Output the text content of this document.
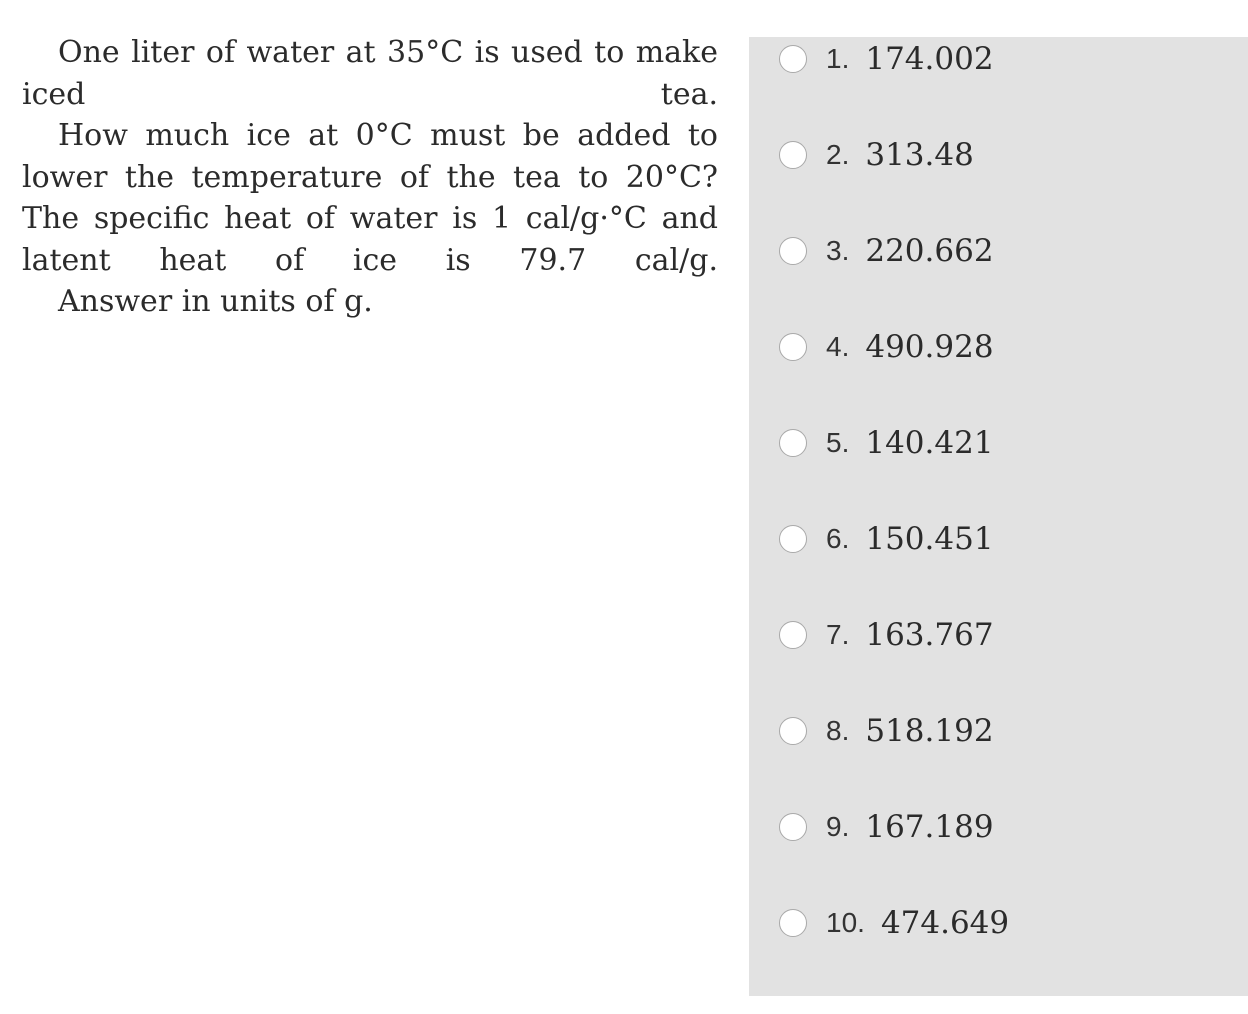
One liter of water at 35°C is used to make iced tea.

How much ice at 0°C must be added to lower the temperature of the tea to 20°C? The specific heat of water is 1 cal/g·°C and latent heat of ice is 79.7 cal/g.

Answer in units of g.

1. 174.002
2. 313.48
3. 220.662
4. 490.928
5. 140.421
6. 150.451
7. 163.767
8. 518.192
9. 167.189
10. 474.649
